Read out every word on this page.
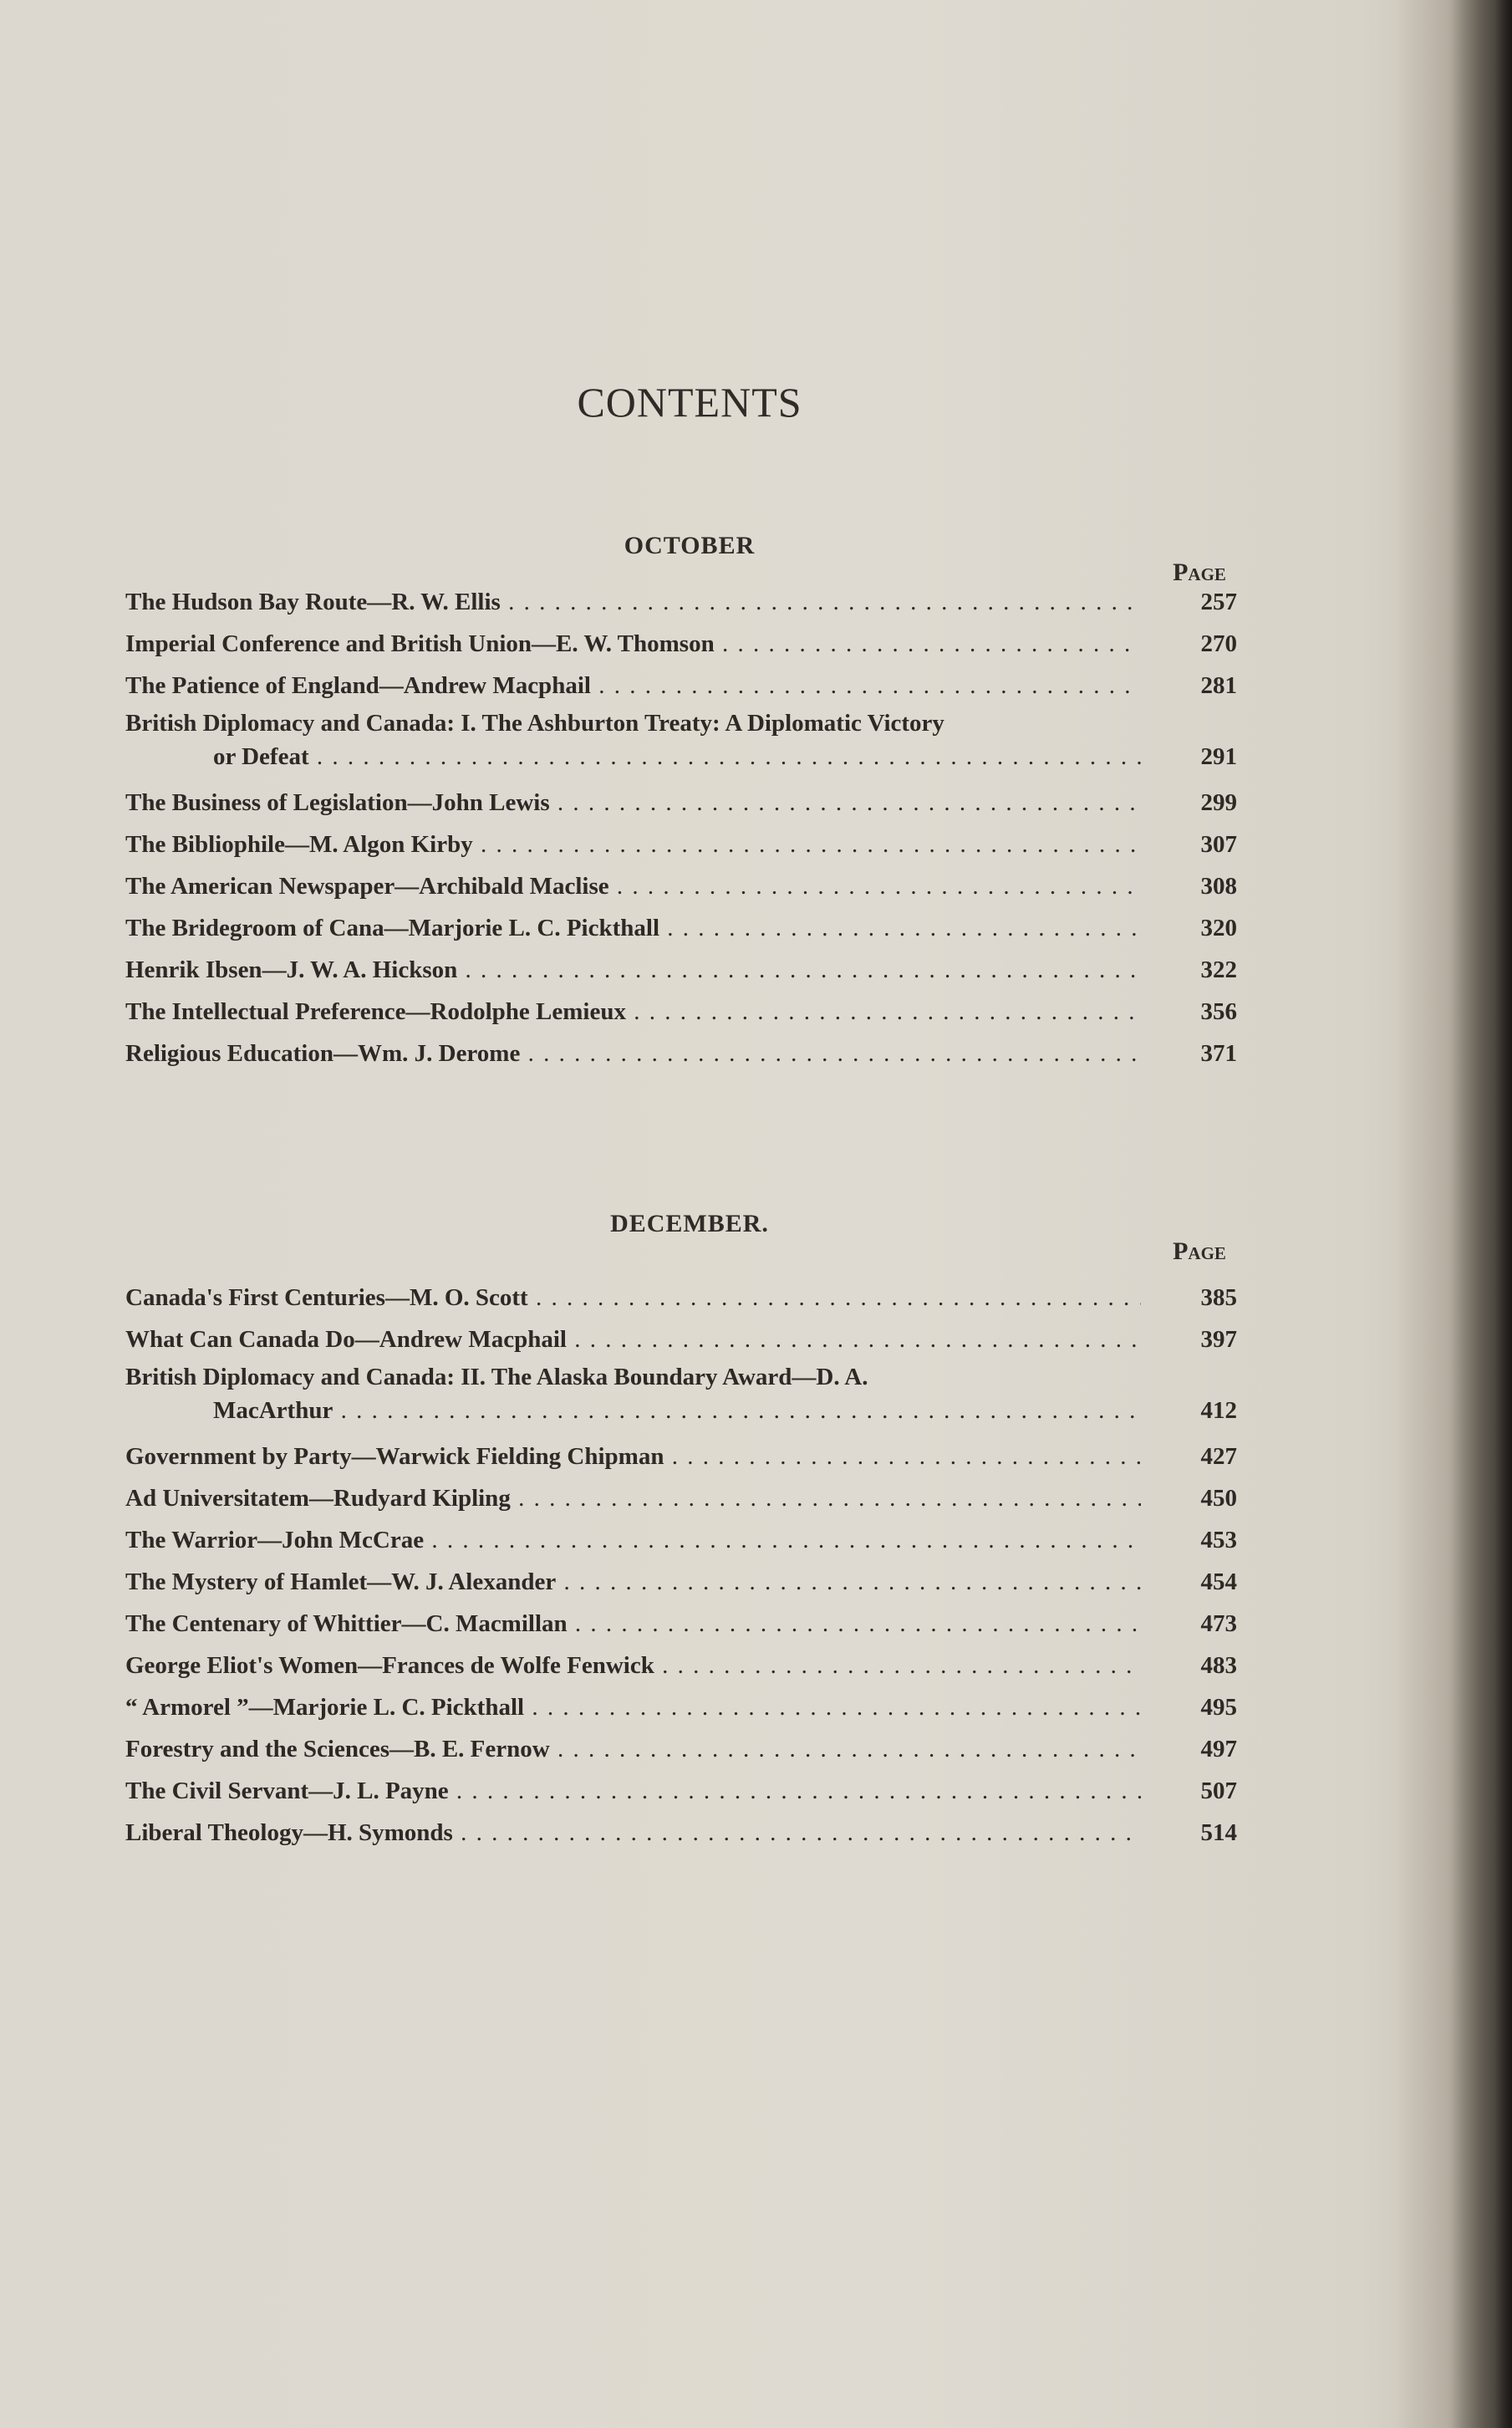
CONTENTS
OCTOBER
Page
The Hudson Bay Route—R. W. Ellis . . .	257
Imperial Conference and British Union—E. W. Thomson . . .	270
The Patience of England—Andrew Macphail . . .	281
British Diplomacy and Canada: I. The Ashburton Treaty: A Diplomatic Victory
or Defeat . . .	291
The Business of Legislation—John Lewis . . .	299
The Bibliophile—M. Algon Kirby . . .	307
The American Newspaper—Archibald Maclise . . .	308
The Bridegroom of Cana—Marjorie L. C. Pickthall . . .	320
Henrik Ibsen—J. W. A. Hickson . . .	322
The Intellectual Preference—Rodolphe Lemieux . . .	356
Religious Education—Wm. J. Derome . . .	371
DECEMBER.
Page
Canada's First Centuries—M. O. Scott . . .	385
What Can Canada Do—Andrew Macphail . . .	397
British Diplomacy and Canada: II. The Alaska Boundary Award—D. A.
MacArthur . . .	412
Government by Party—Warwick Fielding Chipman . . .	427
Ad Universitatem—Rudyard Kipling . . .	450
The Warrior—John McCrae . . .	453
The Mystery of Hamlet—W. J. Alexander . . .	454
The Centenary of Whittier—C. Macmillan . . .	473
George Eliot's Women—Frances de Wolfe Fenwick . . .	483
“ Armorel ”—Marjorie L. C. Pickthall . . .	495
Forestry and the Sciences—B. E. Fernow . . .	497
The Civil Servant—J. L. Payne . . .	507
Liberal Theology—H. Symonds . . .	514
